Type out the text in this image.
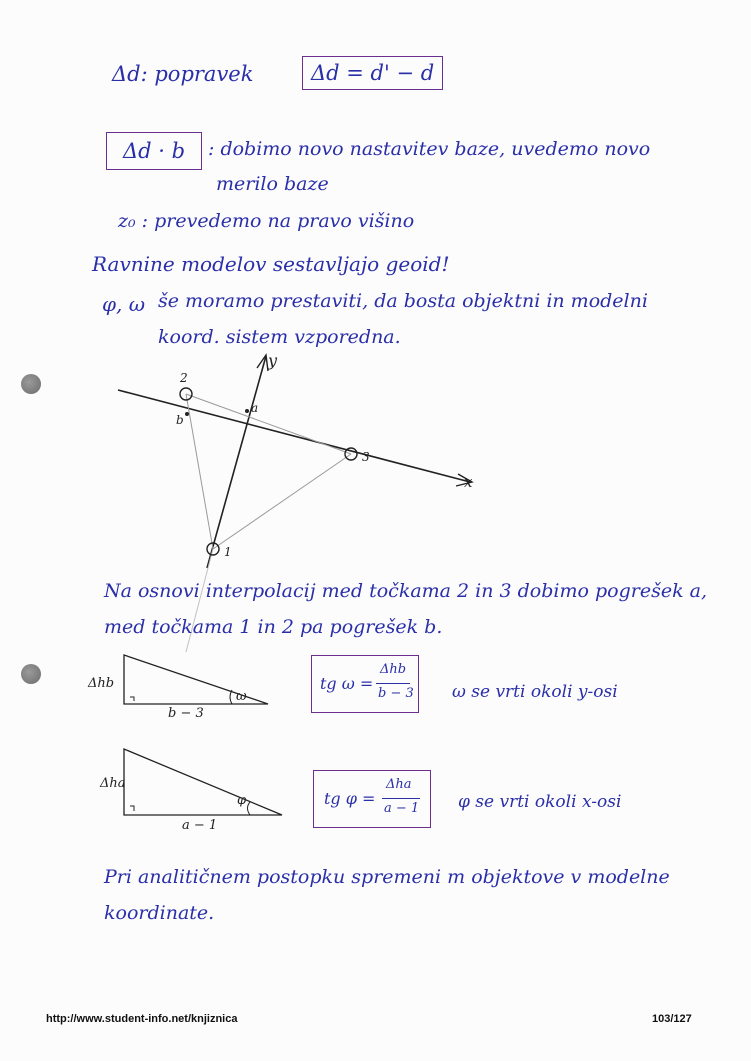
Δd: popravek	Δd = d' − d
Δd · b	: dobimo novo nastavitev baze, uvedemo novo
merilo baze
z₀ : prevedemo na pravo višino
Ravnine modelov sestavljajo geoid!
φ, ω še moramo prestaviti, da bosta objektni in modelni
koord. sistem vzporedna.
y
x
2
3
1
a
b
Na osnovi interpolacij med točkama 2 in 3 dobimo pogrešek a,
med točkama 1 in 2 pa pogrešek b.
Δhb
b − 3
ω
tg ω =
Δhb
b − 3 ω se vrti okoli y-osi
Δha
a − 1
φ	tg φ =
Δha
a − 1 φ se vrti okoli x-osi
Pri analitičnem postopku spremeni m objektove v modelne
koordinate.
http://www.student-info.net/knjiznica	103/127
